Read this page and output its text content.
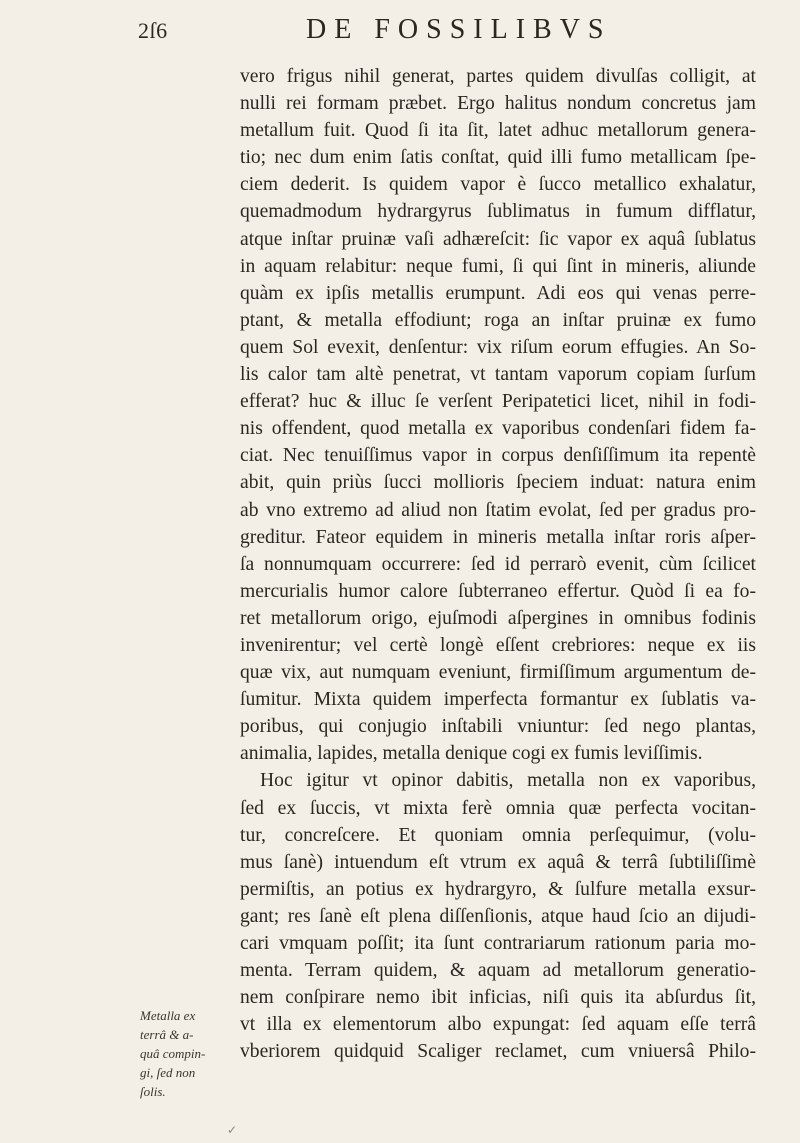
2ſ6	DE FOSSILIBVS
vero frigus nihil generat, partes quidem divulſas colligit, at
nulli rei formam præbet. Ergo halitus nondum concretus jam
metallum fuit. Quod ſi ita ſit, latet adhuc metallorum genera-
tio; nec dum enim ſatis conſtat, quid illi fumo metallicam ſpe-
ciem dederit. Is quidem vapor è ſucco metallico exhalatur,
quemadmodum hydrargyrus ſublimatus in fumum difflatur,
atque inſtar pruinæ vaſi adhæreſcit: ſic vapor ex aquâ ſublatus
in aquam relabitur: neque fumi, ſi qui ſint in mineris, aliunde
quàm ex ipſis metallis erumpunt. Adi eos qui venas perre-
ptant, & metalla effodiunt; roga an inſtar pruinæ ex fumo
quem Sol evexit, denſentur: vix riſum eorum effugies. An So-
lis calor tam altè penetrat, vt tantam vaporum copiam ſurſum
efferat? huc & illuc ſe verſent Peripatetici licet, nihil in fodi-
nis offendent, quod metalla ex vaporibus condenſari fidem fa-
ciat. Nec tenuiſſimus vapor in corpus denſiſſimum ita repentè
abit, quin priùs ſucci mollioris ſpeciem induat: natura enim
ab vno extremo ad aliud non ſtatim evolat, ſed per gradus pro-
greditur. Fateor equidem in mineris metalla inſtar roris aſper-
ſa nonnumquam occurrere: ſed id perrarò evenit, cùm ſcilicet
mercurialis humor calore ſubterraneo effertur. Quòd ſi ea fo-
ret metallorum origo, ejuſmodi aſpergines in omnibus fodinis
invenirentur; vel certè longè eſſent crebriores: neque ex iis
quæ vix, aut numquam eveniunt, firmiſſimum argumentum de-
ſumitur. Mixta quidem imperfecta formantur ex ſublatis va-
poribus, qui conjugio inſtabili vniuntur: ſed nego plantas,
animalia, lapides, metalla denique cogi ex fumis leviſſimis.
Hoc igitur vt opinor dabitis, metalla non ex vaporibus,
ſed ex ſuccis, vt mixta ferè omnia quæ perfecta vocitan-
tur, concreſcere. Et quoniam omnia perſequimur, (volu-
mus ſanè) intuendum eſt vtrum ex aquâ & terrâ ſubtiliſſimè
permiſtis, an potius ex hydrargyro, & ſulfure metalla exsur-
gant; res ſanè eſt plena diſſenſionis, atque haud ſcio an dijudi-
cari vmquam poſſit; ita ſunt contrariarum rationum paria mo-
menta. Terram quidem, & aquam ad metallorum generatio-
nem conſpirare nemo ibit inficias, niſi quis ita abſurdus ſit,
vt illa ex elementorum albo expungat: ſed aquam eſſe terrâ
vberiorem quidquid Scaliger reclamet, cum vniuersâ Philo-
Metalla ex
terrâ & a-
quâ compin-
gi, ſed non
ſolis.
✓
